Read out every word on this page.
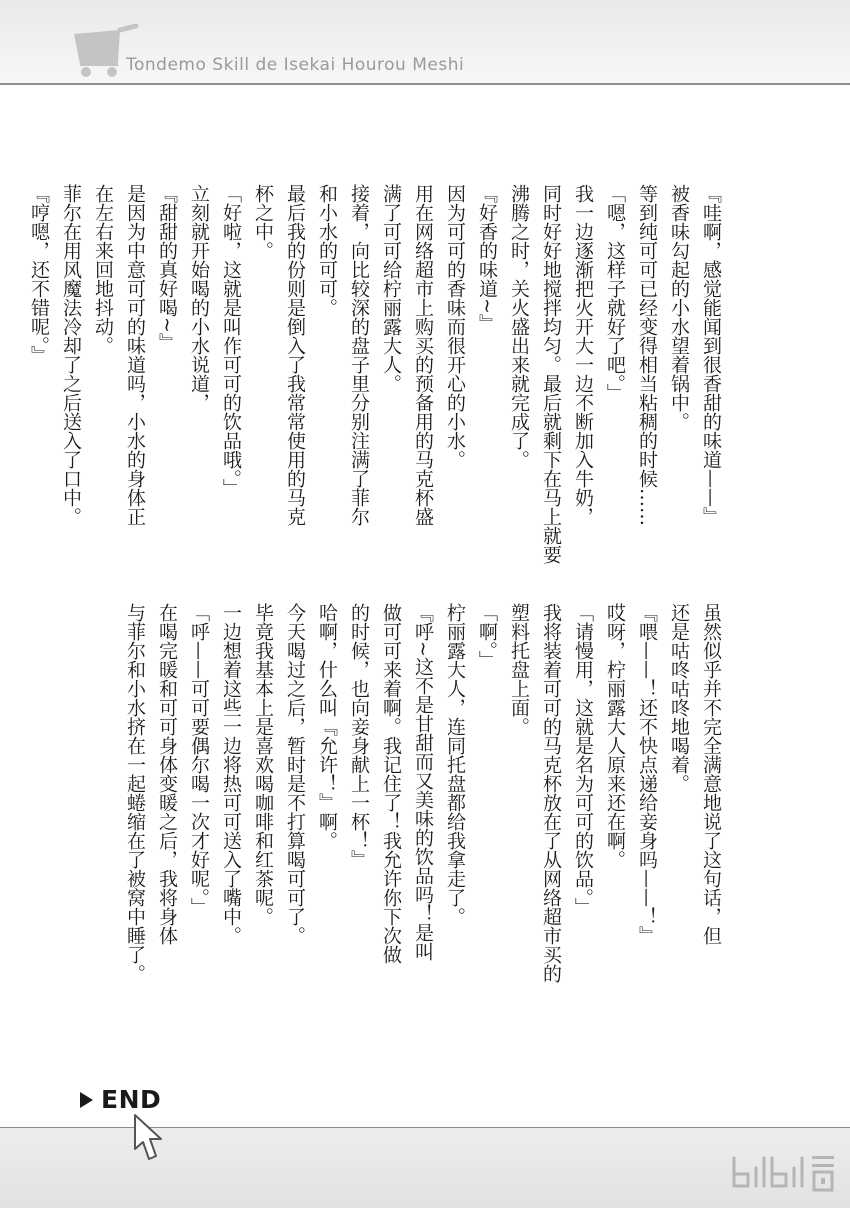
Tondemo Skill de Isekai Hourou Meshi
『哇啊，感觉能闻到很香甜的味道——』
被香味勾起的小水望着锅中。
等到纯可可已经变得相当粘稠的时候……
「嗯，这样子就好了吧。」
我一边逐渐把火开大一边不断加入牛奶，
同时好好地搅拌均匀。最后就剩下在马上就要
沸腾之时，关火盛出来就完成了。
『好香的味道~』
因为可可的香味而很开心的小水。
用在网络超市上购买的预备用的马克杯盛
满了可可给柠丽露大人。
接着，向比较深的盘子里分别注满了菲尔
和小水的可可。
最后我的份则是倒入了我常常使用的马克
杯之中。
「好啦，这就是叫作可可的饮品哦。」
立刻就开始喝的小水说道，
『甜甜的真好喝~』
是因为中意可可的味道吗，小水的身体正
在左右来回地抖动。
菲尔在用风魔法冷却了之后送入了口中。
『哼嗯，还不错呢。』
虽然似乎并不完全满意地说了这句话，但
还是咕咚咕咚地喝着。
『喂——！还不快点递给妾身吗——！』
哎呀，柠丽露大人原来还在啊。
「请慢用，这就是名为可可的饮品。」
我将装着可可的马克杯放在了从网络超市买的
塑料托盘上面。
「啊。」
柠丽露大人，连同托盘都给我拿走了。
『呼~这不是甘甜而又美味的饮品吗！是叫
做可可来着啊。我记住了！我允许你下次做
的时候，也向妾身献上一杯！』
哈啊，什么叫『允许！』啊。
今天喝过之后，暂时是不打算喝可可了。
毕竟我基本上是喜欢喝咖啡和红茶呢。
一边想着这些一边将热可可送入了嘴中。
「呼——可可要偶尔喝一次才好呢。」
在喝完暖和可可身体变暖之后，我将身体
与菲尔和小水挤在一起蜷缩在了被窝中睡了。
END
